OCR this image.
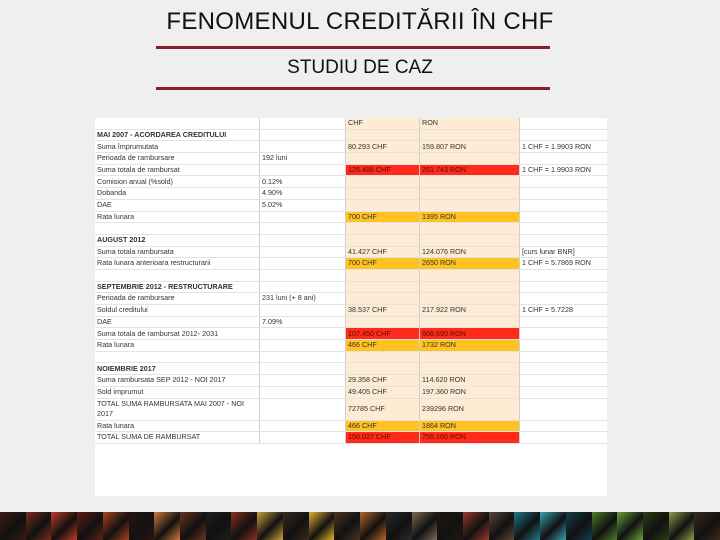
FENOMENUL CREDITĂRII ÎN CHF
STUDIU DE CAZ
		CHF	RON	
MAI 2007 - ACORDAREA CREDITULUI				
Suma împrumutata		80.293 CHF	159.807 RON	1 CHF = 1.9903 RON
Perioada de rambursare	192 luni			
Suma totala de rambursat		126.486 CHF	251.743 RON	1 CHF = 1.9903 RON
Comision anual (%sold)	0.12%			
Dobanda	4.90%			
DAE	5.02%			
Rata lunara		700 CHF	1395 RON	

AUGUST 2012				
Suma totala rambursata		41.427 CHF	124.076 RON	[curs lunar BNR]
Rata lunara anterioara restructurarii		700 CHF	2650 RON	1 CHF = 5.7869 RON

SEPTEMBRIE 2012 - RESTRUCTURARE				
Perioada de rambursare	231 luni (+ 8 ani)			
Soldul creditului		38.537 CHF	217.922 RON	1 CHF = 5.7228
DAE	7.09%			
Suma totala de rambursat 2012- 2031		107.450 CHF	608.690 RON	
Rata lunara		466 CHF	1732 RON	

NOIEMBRIE 2017				
Suma rambursata SEP 2012 - NOI 2017		29.358 CHF	114.620 RON	
Sold imprumut		49.405 CHF	197.360 RON	
TOTAL SUMA RAMBURSATA MAI 2007 - NOI 2017		72785 CHF	239296 RON	
Rata lunara		466 CHF	1864 RON	
TOTAL SUMA DE RAMBURSAT		150.027 CHF	755.160 RON	
